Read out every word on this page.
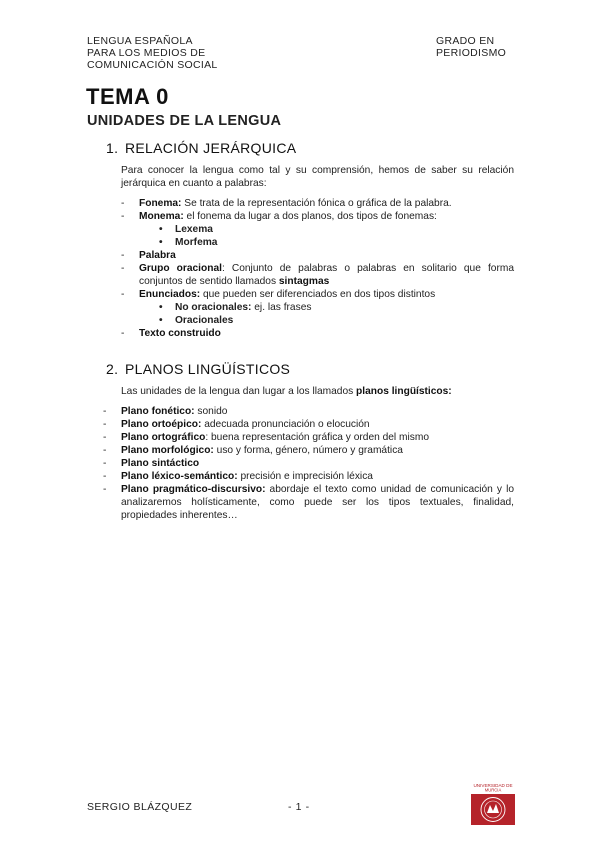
LENGUA ESPAÑOLA
PARA LOS MEDIOS DE
COMUNICACIÓN SOCIAL
GRADO EN
PERIODISMO
TEMA 0
UNIDADES DE LA LENGUA
1. RELACIÓN JERÁRQUICA
Para conocer la lengua como tal y su comprensión, hemos de saber su relación jerárquica en cuanto a palabras:
- Fonema: Se trata de la representación fónica o gráfica de la palabra.
- Monema: el fonema da lugar a dos planos, dos tipos de fonemas:
• Lexema
• Morfema
- Palabra
- Grupo oracional: Conjunto de palabras o palabras en solitario que forma conjuntos de sentido llamados sintagmas
- Enunciados: que pueden ser diferenciados en dos tipos distintos
• No oracionales: ej. las frases
• Oracionales
- Texto construido
2. PLANOS LINGÜÍSTICOS
Las unidades de la lengua dan lugar a los llamados planos lingüísticos:
- Plano fonético: sonido
- Plano ortoépico: adecuada pronunciación o elocución
- Plano ortográfico: buena representación gráfica y orden del mismo
- Plano morfológico: uso y forma, género, número y gramática
- Plano sintáctico
- Plano léxico-semántico: precisión e imprecisión léxica
- Plano pragmático-discursivo: abordaje el texto como unidad de comunicación y lo analizaremos holísticamente, como puede ser los tipos textuales, finalidad, propiedades inherentes…
SERGIO BLÁZQUEZ	- 1 -
UNIVERSIDAD DE
MURCIA
